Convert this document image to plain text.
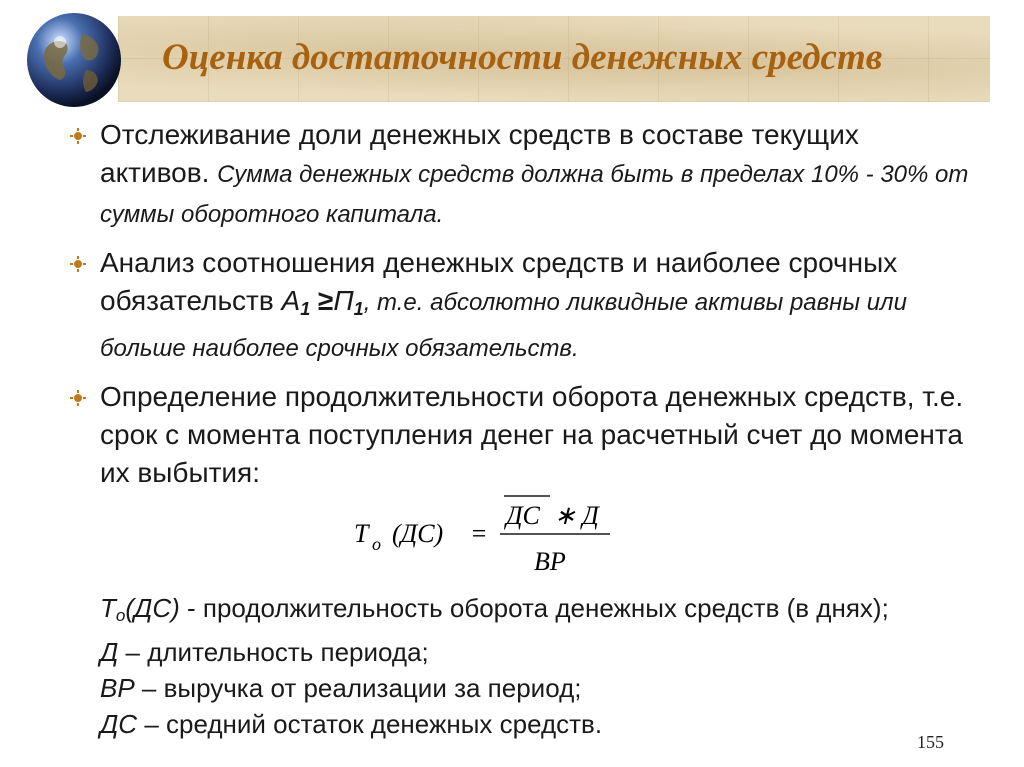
Оценка достаточности денежных средств
Отслеживание доли денежных средств в составе текущих активов. Сумма денежных средств должна быть в пределах 10% - 30% от суммы оборотного капитала.
Анализ соотношения денежных средств и наиболее срочных обязательств $А_1 \ge П_1$, т.е. абсолютно ликвидные активы равны или больше наиболее срочных обязательств.
Определение продолжительности оборота денежных средств, т.е. срок с момента поступления денег на расчетный счет до момента их выбытия:
T o (ДС) =
ДС ∗ Д
ВР
То(ДС) - продолжительность оборота денежных средств (в днях);
Д – длительность периода;
ВР – выручка от реализации за период;
ДС – средний остаток денежных средств.
155
